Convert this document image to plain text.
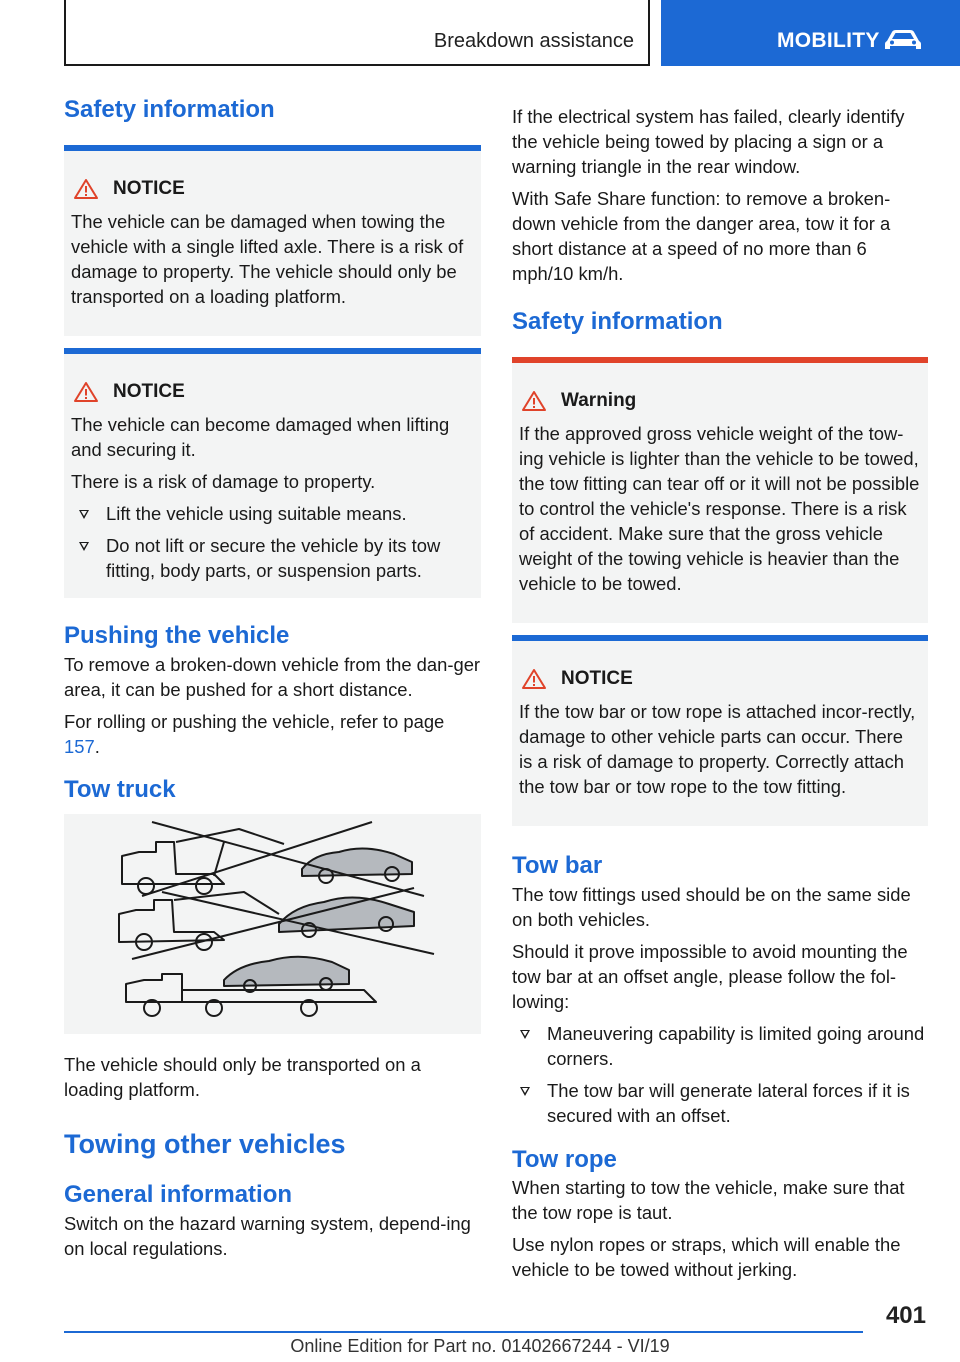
Breakdown assistance	MOBILITY
Safety information
NOTICE

The vehicle can be damaged when towing the vehicle with a single lifted axle. There is a risk of damage to property. The vehicle should only be transported on a loading platform.

NOTICE

The vehicle can become damaged when lifting and securing it.

There is a risk of damage to property.

Lift the vehicle using suitable means.
Do not lift or secure the vehicle by its tow fitting, body parts, or suspension parts.
Pushing the vehicle

To remove a broken-down vehicle from the dan-ger area, it can be pushed for a short distance.

For rolling or pushing the vehicle, refer to page 157.

Tow truck

The vehicle should only be transported on a loading platform.

Towing other vehicles
General information

Switch on the hazard warning system, depend-ing on local regulations.

If the electrical system has failed, clearly identify the vehicle being towed by placing a sign or a warning triangle in the rear window.

With Safe Share function: to remove a broken-down vehicle from the danger area, tow it for a short distance at a speed of no more than 6 mph/10 km/h.

Safety information
Warning

If the approved gross vehicle weight of the tow-ing vehicle is lighter than the vehicle to be towed, the tow fitting can tear off or it will not be possible to control the vehicle's response. There is a risk of accident. Make sure that the gross vehicle weight of the towing vehicle is heavier than the vehicle to be towed.

NOTICE

If the tow bar or tow rope is attached incor-rectly, damage to other vehicle parts can occur. There is a risk of damage to property. Correctly attach the tow bar or tow rope to the tow fitting.

Tow bar

The tow fittings used should be on the same side on both vehicles.

Should it prove impossible to avoid mounting the tow bar at an offset angle, please follow the fol-lowing:

Maneuvering capability is limited going around corners.
The tow bar will generate lateral forces if it is secured with an offset.
Tow rope

When starting to tow the vehicle, make sure that the tow rope is taut.

Use nylon ropes or straps, which will enable the vehicle to be towed without jerking.

401
Online Edition for Part no. 01402667244 - VI/19
